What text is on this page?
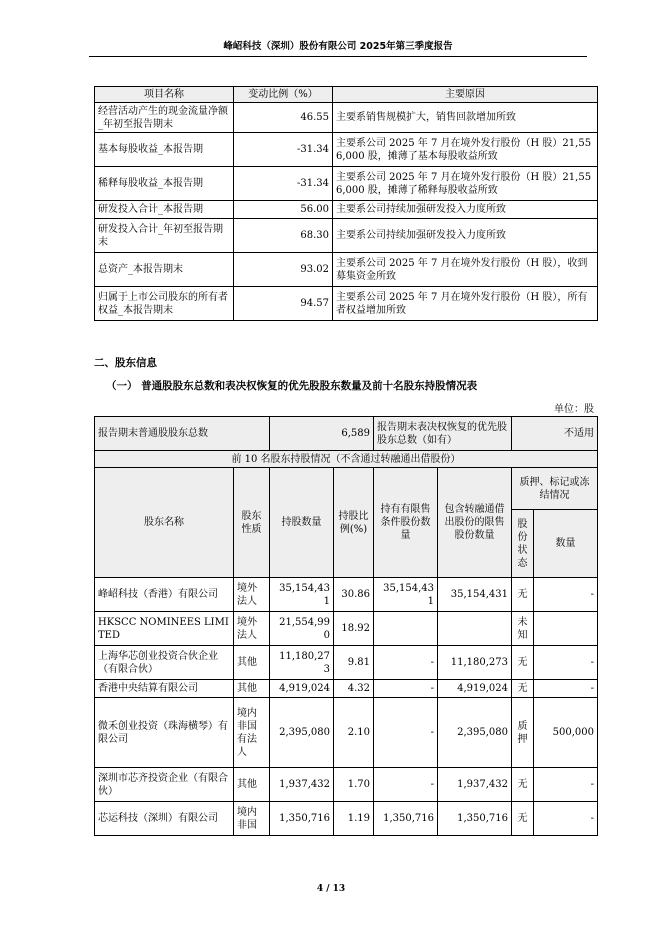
峰岹科技（深圳）股份有限公司 2025年第三季度报告
项目名称	变动比例（%）	主要原因
经营活动产生的现金流量净额_年初至报告期末	46.55	主要系销售规模扩大，销售回款增加所致
基本每股收益_本报告期	-31.34	主要系公司 2025 年 7 月在境外发行股份（H 股）21,556,000 股，摊薄了基本每股收益所致
稀释每股收益_本报告期	-31.34	主要系公司 2025 年 7 月在境外发行股份（H 股）21,556,000 股，摊薄了稀释每股收益所致
研发投入合计_本报告期	56.00	主要系公司持续加强研发投入力度所致
研发投入合计_年初至报告期末	68.30	主要系公司持续加强研发投入力度所致
总资产_本报告期末	93.02	主要系公司 2025 年 7 月在境外发行股份（H 股），收到募集资金所致
归属于上市公司股东的所有者权益_本报告期末	94.57	主要系公司 2025 年 7 月在境外发行股份（H 股），所有者权益增加所致
二、股东信息
（一） 普通股股东总数和表决权恢复的优先股股东数量及前十名股东持股情况表
单位：股
报告期末普通股股东总数		6,589		报告期末表决权恢复的优先股股东总数（如有）		不适用	
前 10 名股东持股情况（不含通过转融通出借股份）							
股东名称	股东性质	持股数量	持股比例(%)	持有有限售条件股份数量	包含转融通借出股份的限售股份数量	质押、标记或冻结情况	
						股份状态	数量
峰岹科技（香港）有限公司	境外法人	35,154,431	30.86	35,154,431	35,154,431	无	-
HKSCC NOMINEES LIMITED	境外法人	21,554,990	18.92			未知	
上海华芯创业投资合伙企业（有限合伙）	其他	11,180,273	9.81	-	11,180,273	无	-
香港中央结算有限公司	其他	4,919,024	4.32	-	4,919,024	无	-
微禾创业投资（珠海横琴）有限公司	境内非国有法人	2,395,080	2.10	-	2,395,080	质押	500,000
深圳市芯齐投资企业（有限合伙）	其他	1,937,432	1.70	-	1,937,432	无	-
芯运科技（深圳）有限公司	境内非国	1,350,716	1.19	1,350,716	1,350,716	无	-
4 / 13
